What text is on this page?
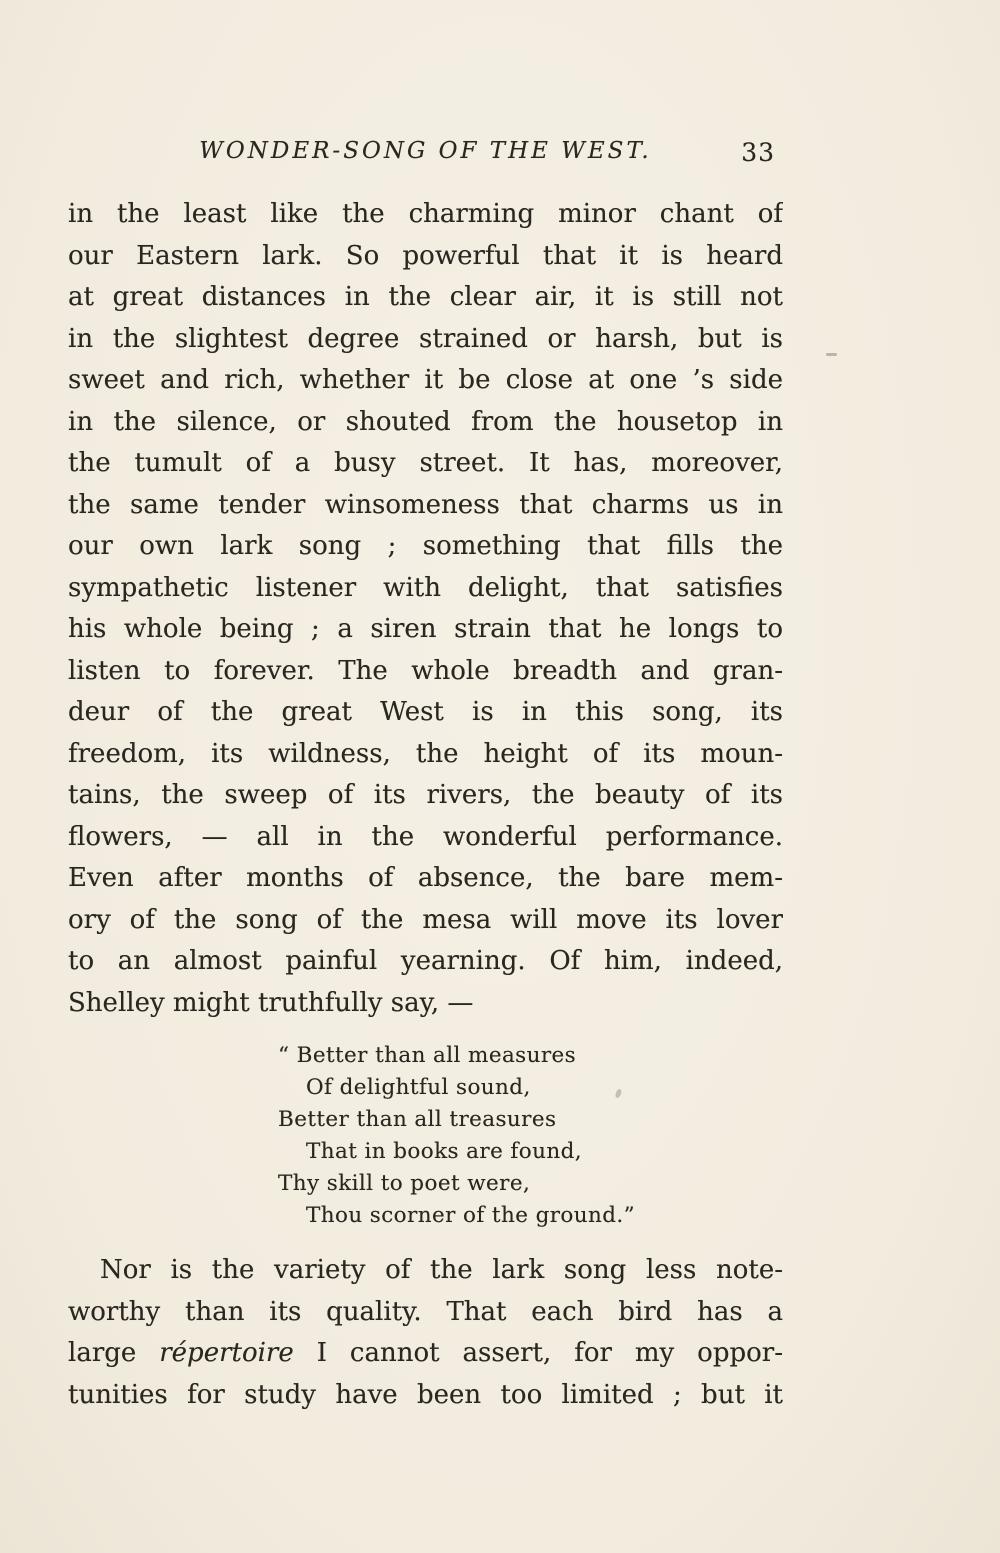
WONDER-SONG OF THE WEST.	33
in the least like the charming minor chant of
our Eastern lark. So powerful that it is heard
at great distances in the clear air, it is still not
in the slightest degree strained or harsh, but is
sweet and rich, whether it be close at one ’s side
in the silence, or shouted from the housetop in
the tumult of a busy street. It has, moreover,
the same tender winsomeness that charms us in
our own lark song ; something that fills the
sympathetic listener with delight, that satisfies
his whole being ; a siren strain that he longs to
listen to forever. The whole breadth and gran-
deur of the great West is in this song, its
freedom, its wildness, the height of its moun-
tains, the sweep of its rivers, the beauty of its
flowers, — all in the wonderful performance.
Even after months of absence, the bare mem-
ory of the song of the mesa will move its lover
to an almost painful yearning. Of him, indeed,
Shelley might truthfully say, —
“ Better than all measures
Of delightful sound,
Better than all treasures
That in books are found,
Thy skill to poet were,
Thou scorner of the ground.”
Nor is the variety of the lark song less note-
worthy than its quality. That each bird has a
large répertoire I cannot assert, for my oppor-
tunities for study have been too limited ; but it
